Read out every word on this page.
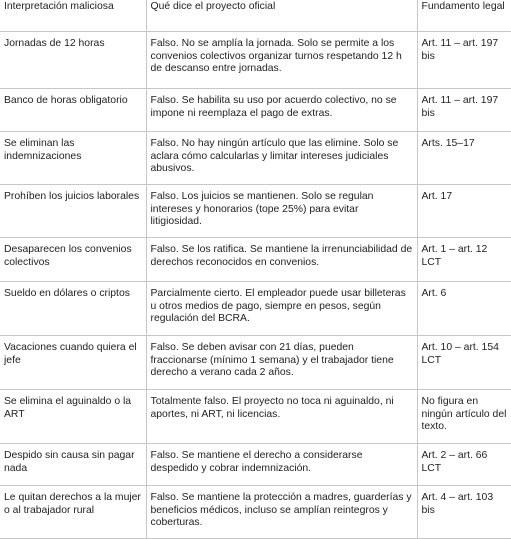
Interpretación maliciosa	Qué dice el proyecto oficial	Fundamento legal
Jornadas de 12 horas	Falso. No se amplía la jornada. Solo se permite a los convenios colectivos organizar turnos respetando 12 h de descanso entre jornadas.	Art. 11 – art. 197 bis
Banco de horas obligatorio	Falso. Se habilita su uso por acuerdo colectivo, no se impone ni reemplaza el pago de extras.	Art. 11 – art. 197 bis
Se eliminan las indemnizaciones	Falso. No hay ningún artículo que las elimine. Solo se aclara cómo calcularlas y limitar intereses judiciales abusivos.	Arts. 15–17
Prohíben los juicios laborales	Falso. Los juicios se mantienen. Solo se regulan intereses y honorarios (tope 25%) para evitar litigiosidad.	Art. 17
Desaparecen los convenios colectivos	Falso. Se los ratifica. Se mantiene la irrenunciabilidad de derechos reconocidos en convenios.	Art. 1 – art. 12 LCT
Sueldo en dólares o criptos	Parcialmente cierto. El empleador puede usar billeteras u otros medios de pago, siempre en pesos, según regulación del BCRA.	Art. 6
Vacaciones cuando quiera el jefe	Falso. Se deben avisar con 21 días, pueden fraccionarse (mínimo 1 semana) y el trabajador tiene derecho a verano cada 2 años.	Art. 10 – art. 154 LCT
Se elimina el aguinaldo o la ART	Totalmente falso. El proyecto no toca ni aguinaldo, ni aportes, ni ART, ni licencias.	No figura en ningún artículo del texto.
Despido sin causa sin pagar nada	Falso. Se mantiene el derecho a considerarse despedido y cobrar indemnización.	Art. 2 – art. 66 LCT
Le quitan derechos a la mujer o al trabajador rural	Falso. Se mantiene la protección a madres, guarderías y beneficios médicos, incluso se amplían reintegros y coberturas.	Art. 4 – art. 103 bis
